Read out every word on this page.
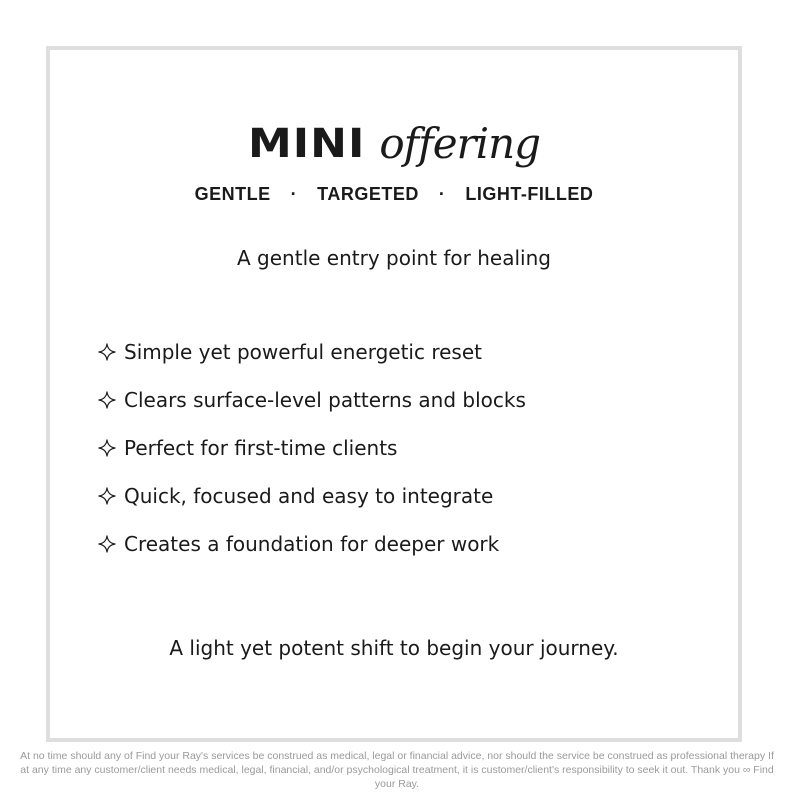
MINI offering
GENTLE · TARGETED · LIGHT-FILLED
A gentle entry point for healing
Simple yet powerful energetic reset
Clears surface-level patterns and blocks
Perfect for first-time clients
Quick, focused and easy to integrate
Creates a foundation for deeper work
A light yet potent shift to begin your journey.
At no time should any of Find your Ray's services be construed as medical, legal or financial advice, nor should the service be construed as professional therapy If at any time any customer/client needs medical, legal, financial, and/or psychological treatment, it is customer/client's responsibility to seek it out. Thank you ∞ Find your Ray.
